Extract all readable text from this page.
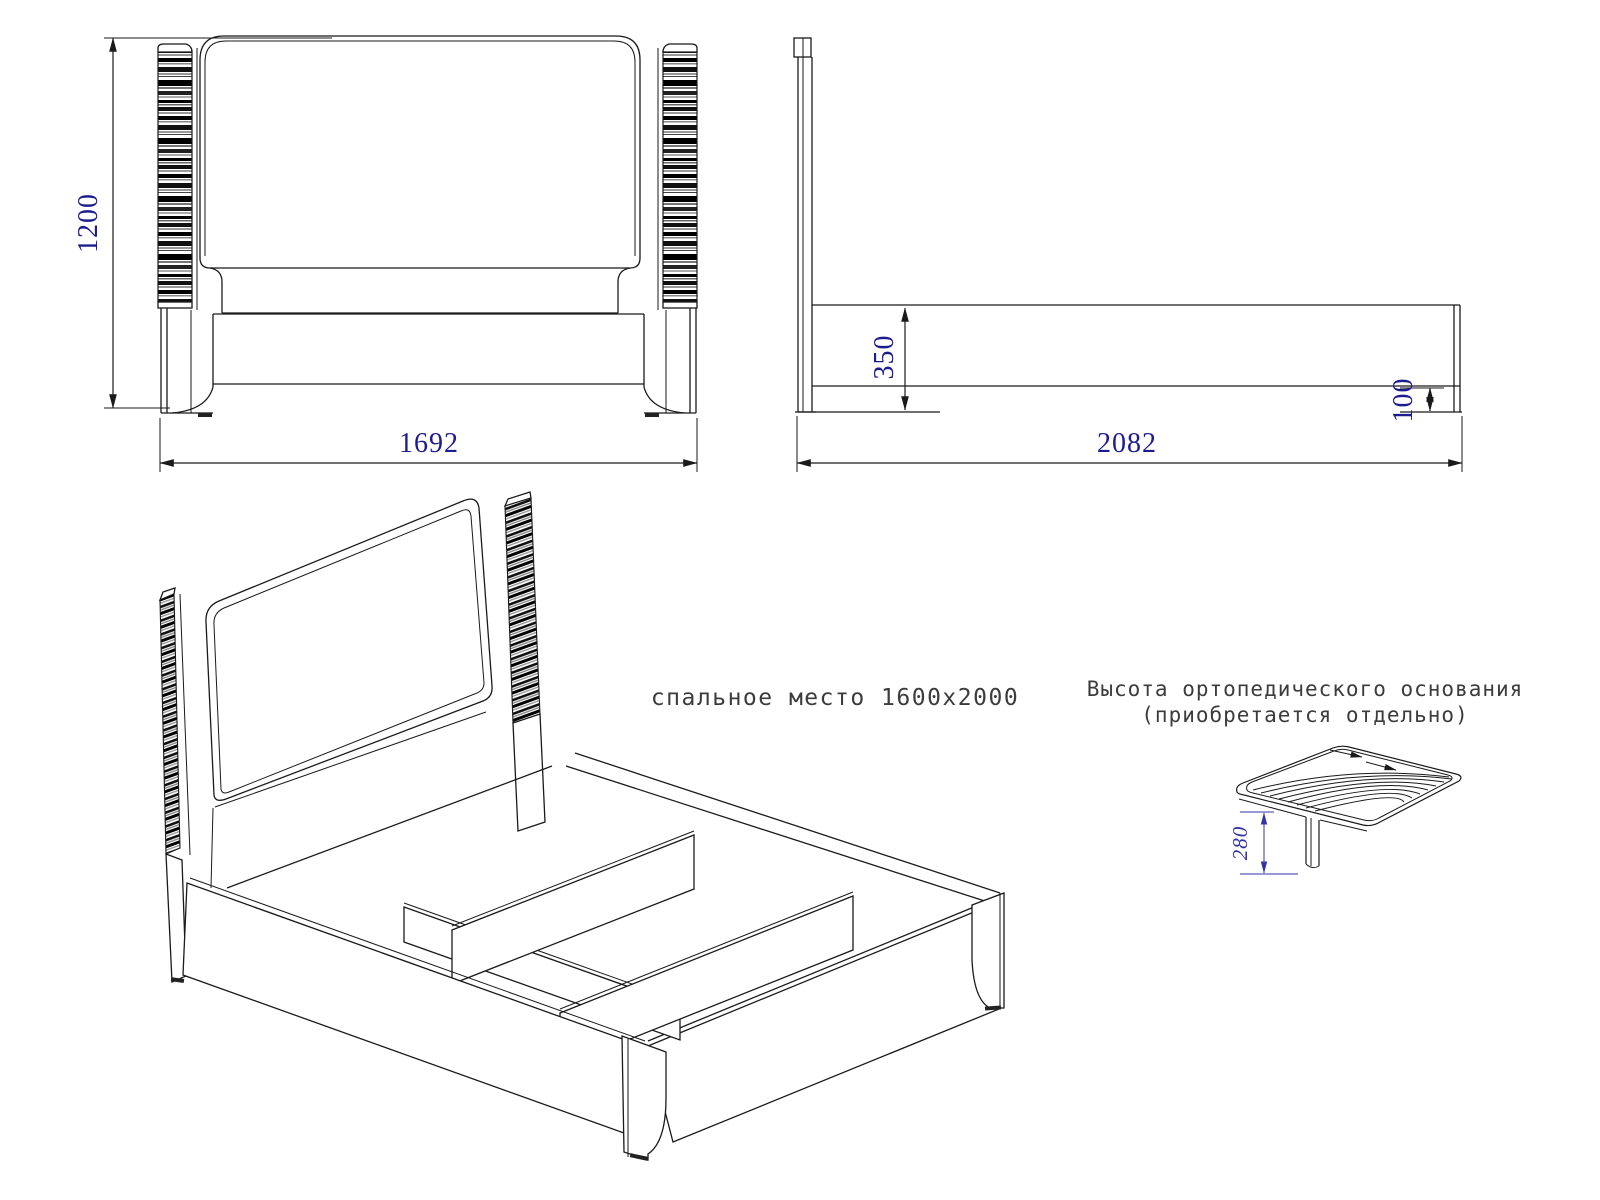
1200
1692
350
100
2082
спальное место 1600x2000	Высота ортопедического основания
(приобретается отдельно)
280
